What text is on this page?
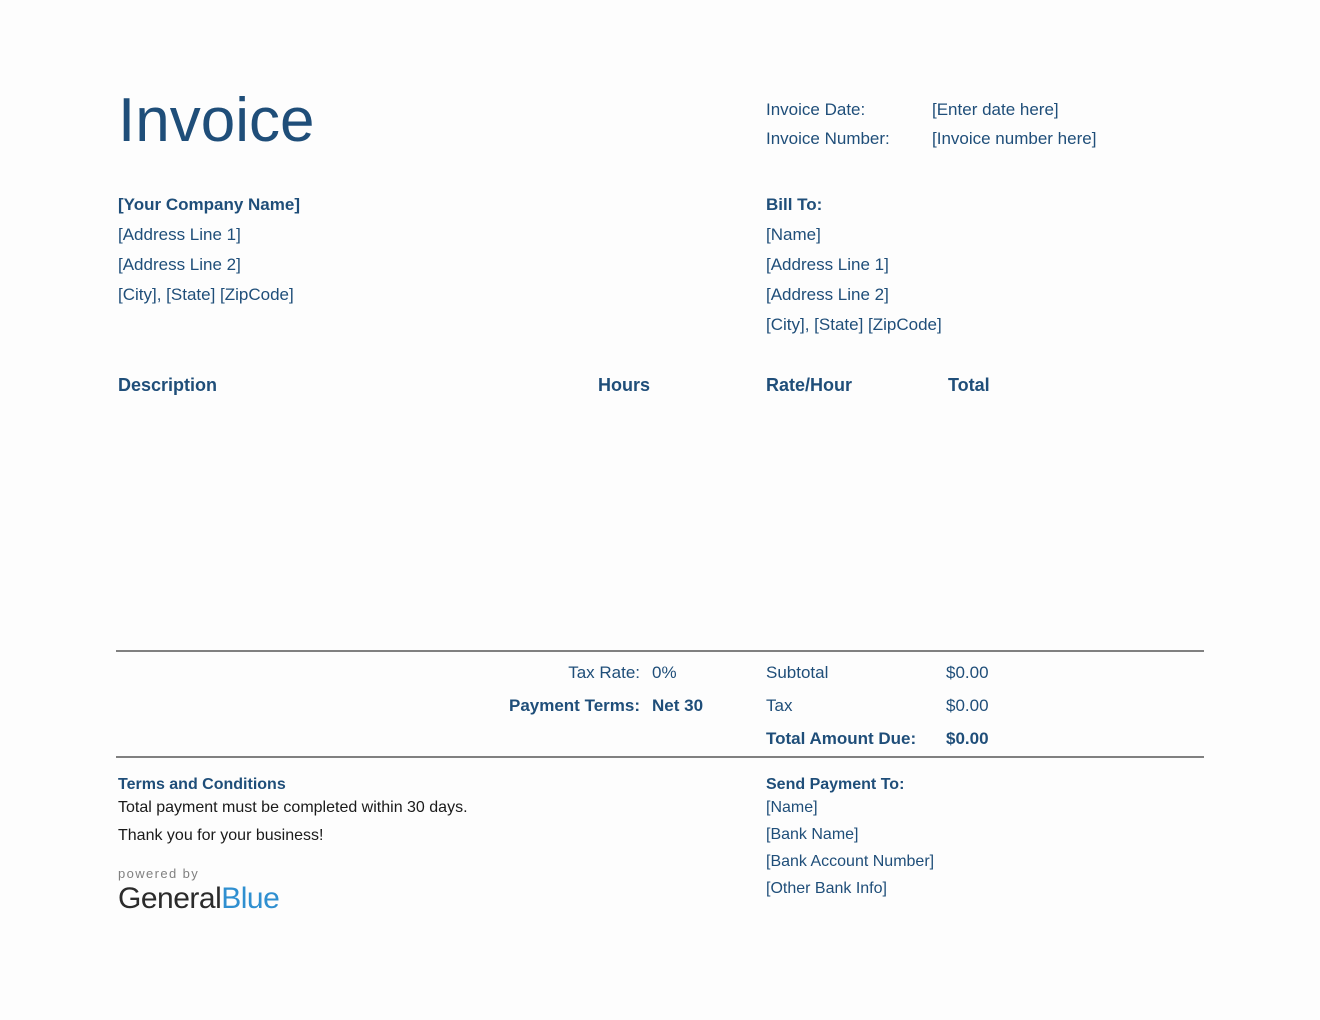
Invoice	Invoice Date:	[Enter date here]
Invoice Number:	[Invoice number here]
[Your Company Name]
[Address Line 1]
[Address Line 2]
[City], [State] [ZipCode]
Bill To:
[Name]
[Address Line 1]
[Address Line 2]
[City], [State] [ZipCode]
Description	Hours	Rate/Hour	Total
Tax Rate: 0%
Payment Terms: Net 30
Subtotal	$0.00
Tax	$0.00
Total Amount Due:	$0.00
Terms and Conditions
Total payment must be completed within 30 days.
Thank you for your business!
Send Payment To:
[Name]
[Bank Name]
[Bank Account Number]
[Other Bank Info]
powered by
GeneralBlue
